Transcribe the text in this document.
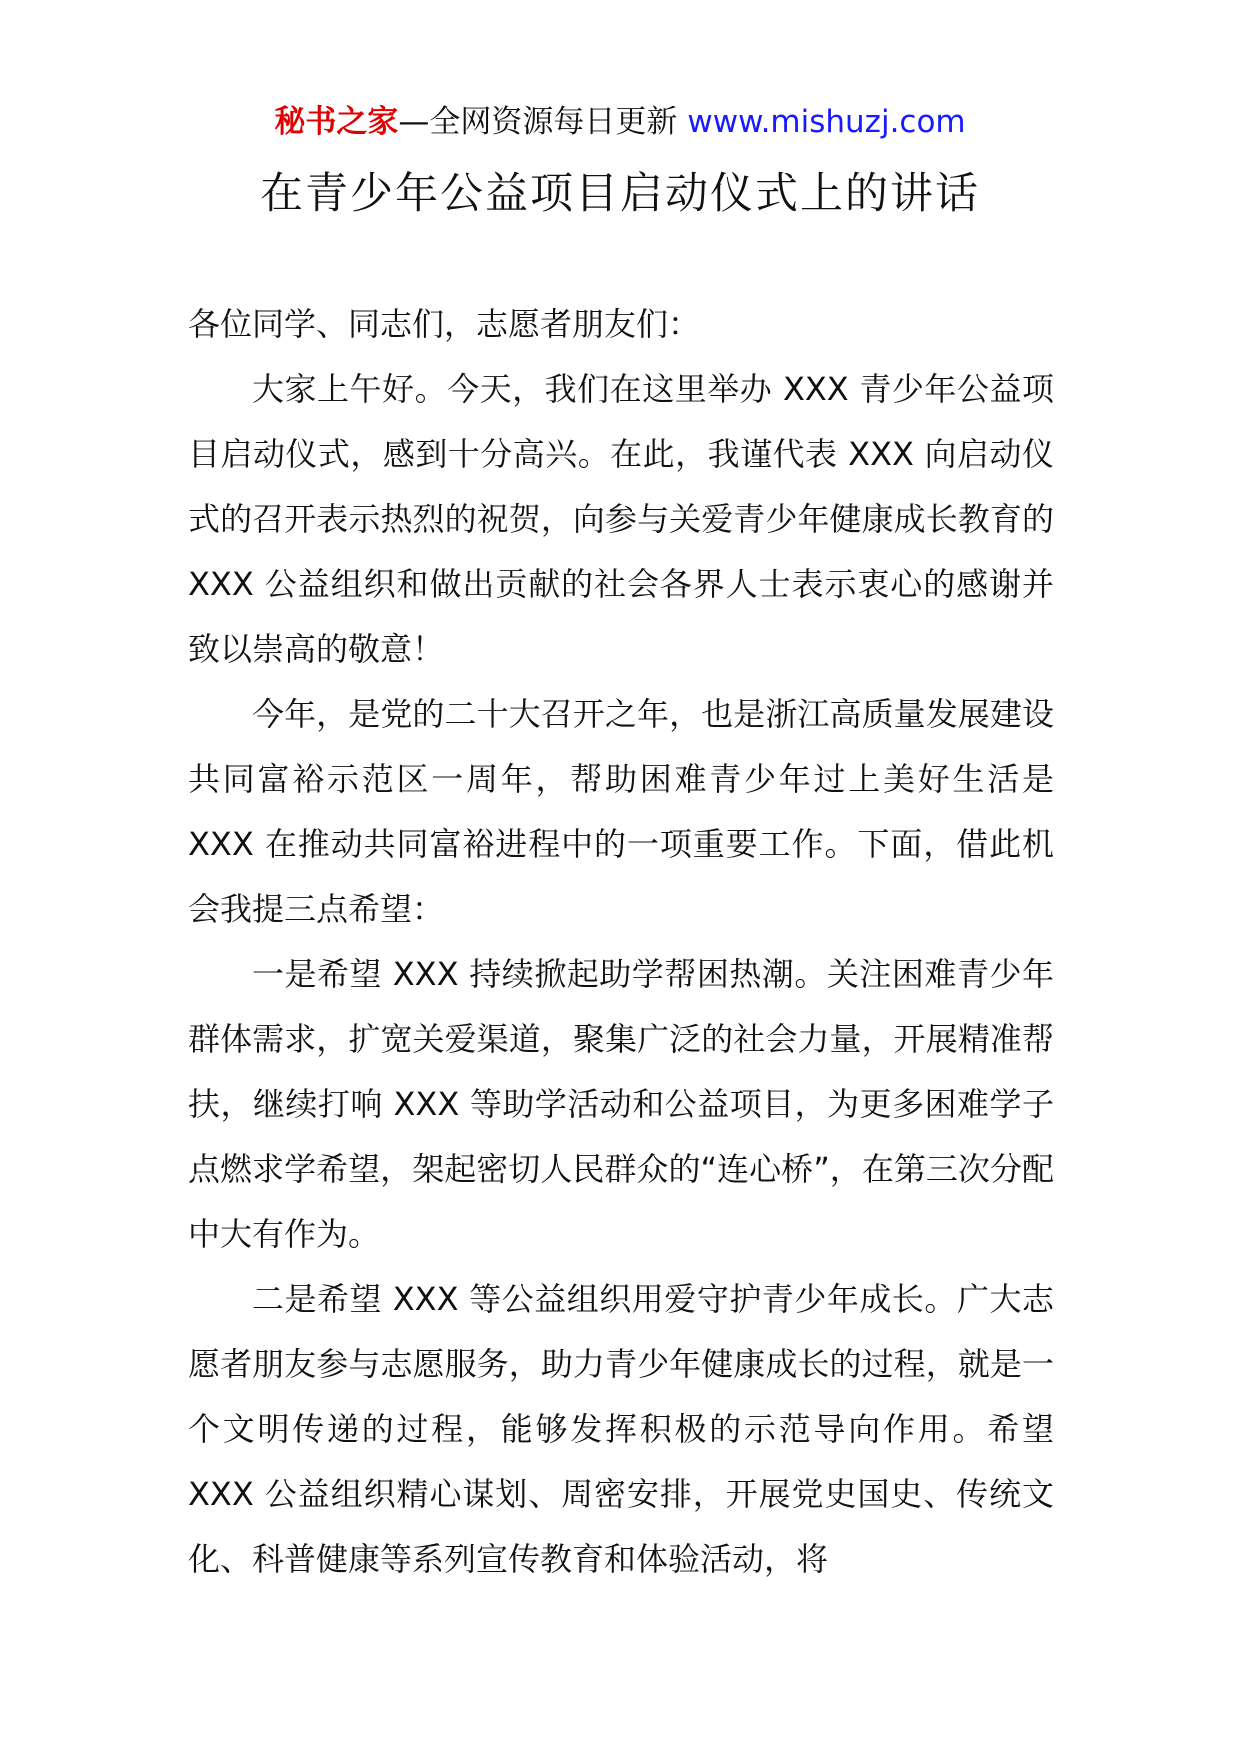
秘书之家—全网资源每日更新 www.mishuzj.com
在青少年公益项目启动仪式上的讲话

各位同学、同志们，志愿者朋友们：

大家上午好。今天，我们在这里举办 XXX 青少年公益项目启动仪式，感到十分高兴。在此，我谨代表 XXX 向启动仪式的召开表示热烈的祝贺，向参与关爱青少年健康成长教育的 XXX 公益组织和做出贡献的社会各界人士表示衷心的感谢并致以崇高的敬意！

今年，是党的二十大召开之年，也是浙江高质量发展建设共同富裕示范区一周年，帮助困难青少年过上美好生活是 XXX 在推动共同富裕进程中的一项重要工作。下面，借此机会我提三点希望：

一是希望 XXX 持续掀起助学帮困热潮。关注困难青少年群体需求，扩宽关爱渠道，聚集广泛的社会力量，开展精准帮扶，继续打响 XXX 等助学活动和公益项目，为更多困难学子点燃求学希望，架起密切人民群众的“连心桥”，在第三次分配中大有作为。

二是希望 XXX 等公益组织用爱守护青少年成长。广大志愿者朋友参与志愿服务，助力青少年健康成长的过程，就是一个文明传递的过程，能够发挥积极的示范导向作用。希望 XXX 公益组织精心谋划、周密安排，开展党史国史、传统文化、科普健康等系列宣传教育和体验活动，将
